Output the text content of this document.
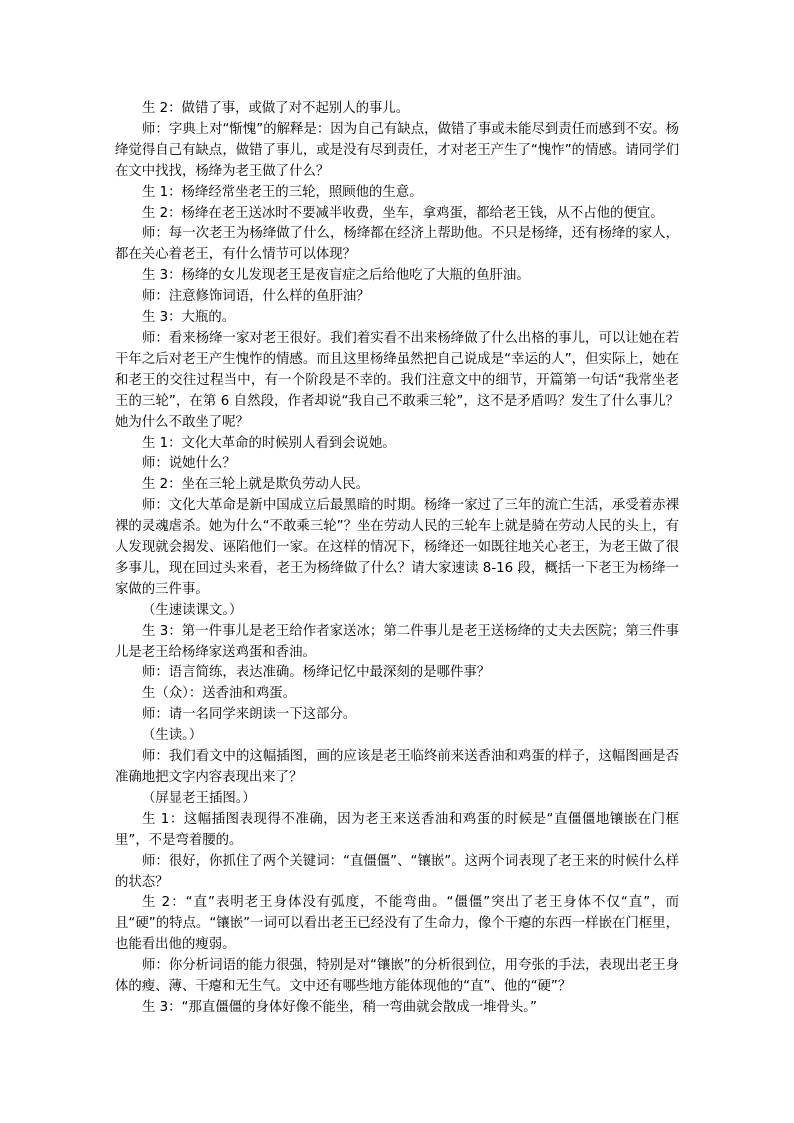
生 2：做错了事，或做了对不起别人的事儿。

师：字典上对“惭愧”的解释是：因为自己有缺点，做错了事或未能尽到责任而感到不安。杨绛觉得自己有缺点，做错了事儿，或是没有尽到责任，才对老王产生了“愧怍”的情感。请同学们在文中找找，杨绛为老王做了什么？

生 1：杨绛经常坐老王的三轮，照顾他的生意。

生 2：杨绛在老王送冰时不要减半收费，坐车，拿鸡蛋，都给老王钱，从不占他的便宜。

师：每一次老王为杨绛做了什么，杨绛都在经济上帮助他。不只是杨绛，还有杨绛的家人，都在关心着老王，有什么情节可以体现？

生 3：杨绛的女儿发现老王是夜盲症之后给他吃了大瓶的鱼肝油。

师：注意修饰词语，什么样的鱼肝油？

生 3：大瓶的。

师：看来杨绛一家对老王很好。我们着实看不出来杨绛做了什么出格的事儿，可以让她在若干年之后对老王产生愧怍的情感。而且这里杨绛虽然把自己说成是“幸运的人”，但实际上，她在和老王的交往过程当中，有一个阶段是不幸的。我们注意文中的细节，开篇第一句话“我常坐老王的三轮”，在第 6 自然段，作者却说“我自己不敢乘三轮”，这不是矛盾吗？发生了什么事儿？她为什么不敢坐了呢？

生 1：文化大革命的时候别人看到会说她。

师：说她什么？

生 2：坐在三轮上就是欺负劳动人民。

师：文化大革命是新中国成立后最黑暗的时期。杨绛一家过了三年的流亡生活，承受着赤裸裸的灵魂虐杀。她为什么“不敢乘三轮”？坐在劳动人民的三轮车上就是骑在劳动人民的头上，有人发现就会揭发、诬陷他们一家。在这样的情况下，杨绛还一如既往地关心老王，为老王做了很多事儿，现在回过头来看，老王为杨绛做了什么？请大家速读 8-16 段，概括一下老王为杨绛一家做的三件事。

（生速读课文。）

生 3：第一件事儿是老王给作者家送冰；第二件事儿是老王送杨绛的丈夫去医院；第三件事儿是老王给杨绛家送鸡蛋和香油。

师：语言简练，表达准确。杨绛记忆中最深刻的是哪件事？

生（众）：送香油和鸡蛋。

师：请一名同学来朗读一下这部分。

（生读。）

师：我们看文中的这幅插图，画的应该是老王临终前来送香油和鸡蛋的样子，这幅图画是否准确地把文字内容表现出来了？

（屏显老王插图。）

生 1：这幅插图表现得不准确，因为老王来送香油和鸡蛋的时候是“直僵僵地镶嵌在门框里”，不是弯着腰的。

师：很好，你抓住了两个关键词：“直僵僵”、“镶嵌”。这两个词表现了老王来的时候什么样的状态？

生 2：“直”表明老王身体没有弧度，不能弯曲。“僵僵”突出了老王身体不仅“直”，而且“硬”的特点。“镶嵌”一词可以看出老王已经没有了生命力，像个干瘪的东西一样嵌在门框里，也能看出他的瘦弱。

师：你分析词语的能力很强，特别是对“镶嵌”的分析很到位，用夸张的手法，表现出老王身体的瘦、薄、干瘪和无生气。文中还有哪些地方能体现他的“直”、他的“硬”？

生 3：“那直僵僵的身体好像不能坐，稍一弯曲就会散成一堆骨头。”
